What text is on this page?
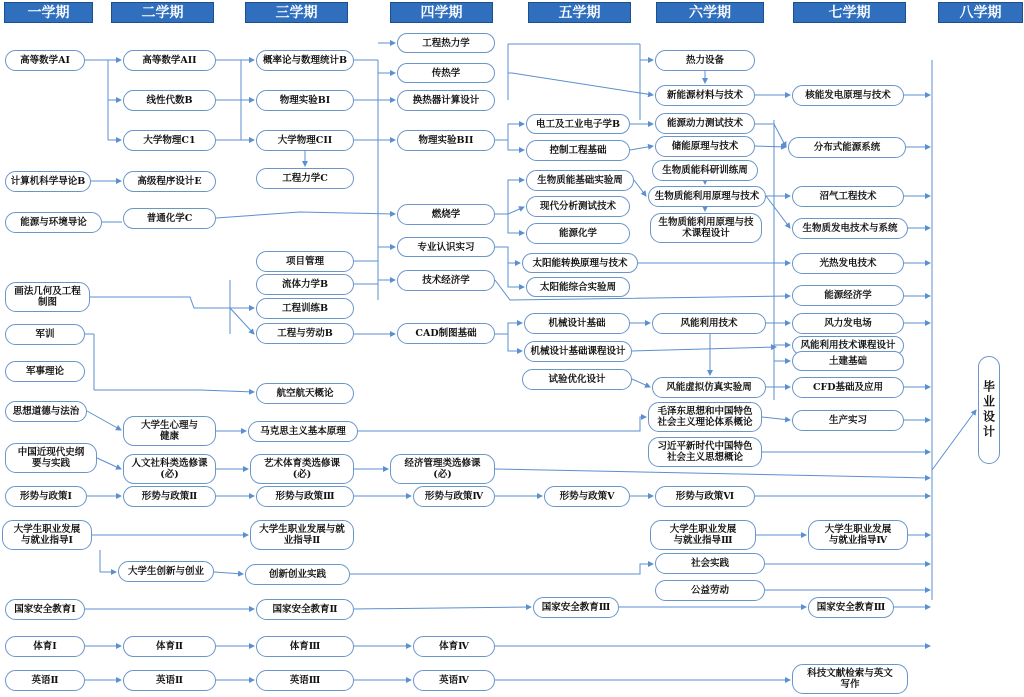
一学期	二学期	三学期	四学期	五学期	六学期	七学期	八学期
高等数学AⅠ
计算机科学导论B
能源与环境导论
画法几何及工程
制图
军训
军事理论
思想道德与法治
中国近现代史纲
要与实践
形势与政策Ⅰ
大学生职业发展
与就业指导Ⅰ
国家安全教育Ⅰ
体育Ⅰ
英语Ⅱ
高等数学AII
线性代数B
大学物理C1
高级程序设计E
普通化学C
大学生心理与
健康
人文社科类选修课
(必)
形势与政策Ⅱ
大学生创新与创业
体育Ⅱ
英语Ⅱ
概率论与数理统计B
物理实验BI
大学物理CII
工程力学C
项目管理
流体力学B
工程训练B
工程与劳动B
航空航天概论
马克思主义基本原理
艺术体育类选修课
(必)
形势与政策Ⅲ
大学生职业发展与就
业指导Ⅱ
创新创业实践
国家安全教育Ⅱ
体育Ⅲ
英语Ⅲ
工程热力学
传热学
换热器计算设计
物理实验BII
燃烧学
专业认识实习
技术经济学
CAD制图基础
经济管理类选修课
(必)
形势与政策Ⅳ
体育Ⅳ
英语Ⅳ
电工及工业电子学B
控制工程基础
生物质能基础实验周
现代分析测试技术
能源化学
太阳能转换原理与技术
太阳能综合实验周
机械设计基础
机械设计基础课程设计
试验优化设计
形势与政策Ⅴ
国家安全教育Ⅲ
热力设备
新能源材料与技术
能源动力测试技术
储能原理与技术
生物质能科研训练周
生物质能利用原理与技术
生物质能利用原理与技
术课程设计
风能利用技术
风能虚拟仿真实验周
毛泽东思想和中国特色
社会主义理论体系概论
习近平新时代中国特色
社会主义思想概论
形势与政策Ⅵ
大学生职业发展
与就业指导Ⅲ
社会实践
公益劳动
核能发电原理与技术
分布式能源系统
沼气工程技术
生物质发电技术与系统
光热发电技术
能源经济学
风力发电场
风能利用技术课程设计
土建基础
CFD基础及应用
生产实习
大学生职业发展
与就业指导Ⅳ
国家安全教育Ⅲ
科技文献检索与英文
写作
毕业设计
